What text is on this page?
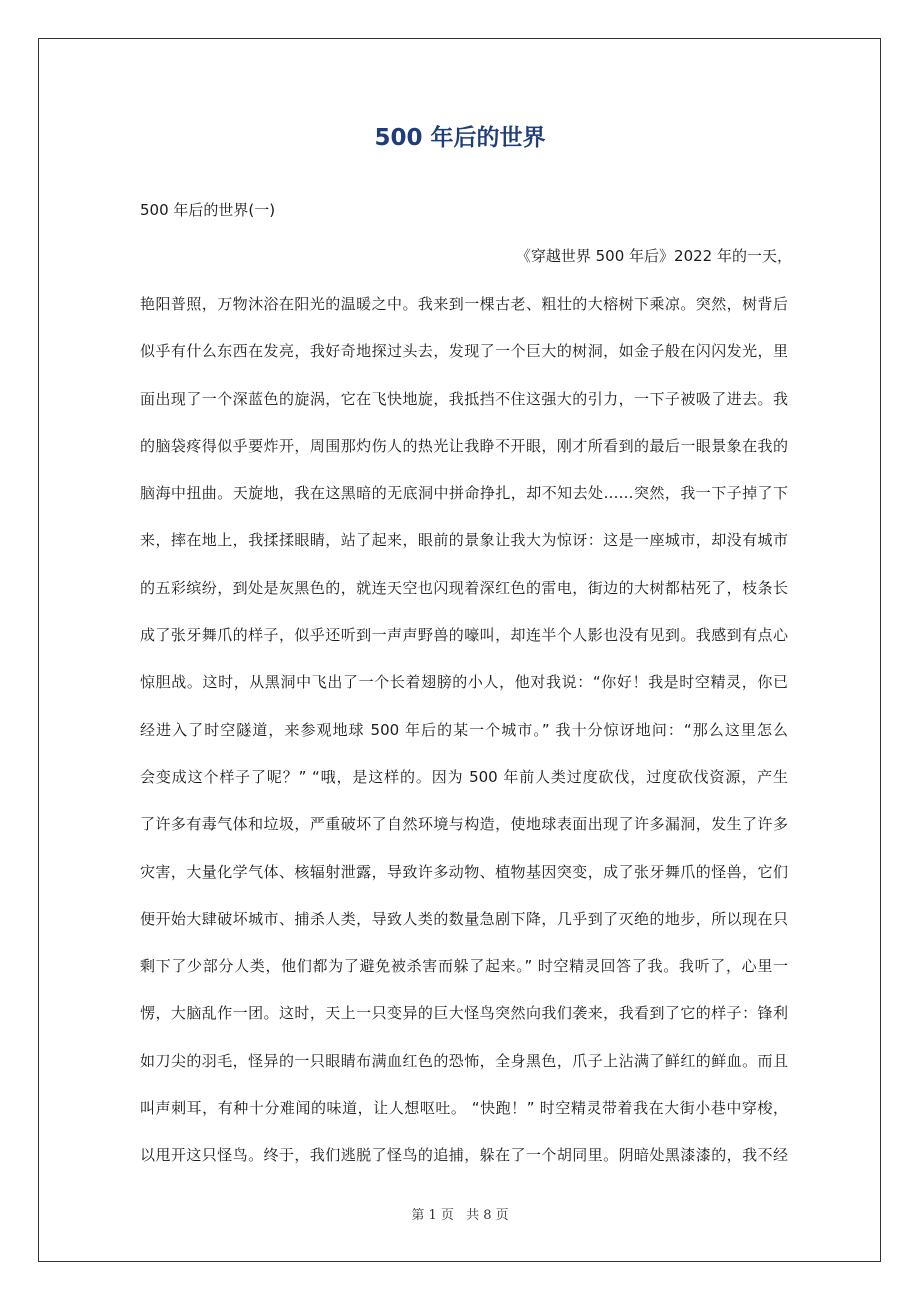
500 年后的世界

500 年后的世界(一)

《穿越世界 500 年后》2022 年的一天，

艳阳普照，万物沐浴在阳光的温暖之中。我来到一棵古老、粗壮的大榕树下乘凉。突然，树背后
似乎有什么东西在发亮，我好奇地探过头去，发现了一个巨大的树洞，如金子般在闪闪发光，里
面出现了一个深蓝色的旋涡，它在飞快地旋，我抵挡不住这强大的引力，一下子被吸了进去。我
的脑袋疼得似乎要炸开，周围那灼伤人的热光让我睁不开眼，刚才所看到的最后一眼景象在我的
脑海中扭曲。天旋地，我在这黑暗的无底洞中拼命挣扎，却不知去处……突然，我一下子掉了下
来，摔在地上，我揉揉眼睛，站了起来，眼前的景象让我大为惊讶：这是一座城市，却没有城市
的五彩缤纷，到处是灰黑色的，就连天空也闪现着深红色的雷电，街边的大树都枯死了，枝条长
成了张牙舞爪的样子，似乎还听到一声声野兽的嚎叫，却连半个人影也没有见到。我感到有点心
惊胆战。这时，从黑洞中飞出了一个长着翅膀的小人，他对我说：“你好！我是时空精灵，你已
经进入了时空隧道，来参观地球 500 年后的某一个城市。” 我十分惊讶地问：“那么这里怎么
会变成这个样子了呢？” “哦，是这样的。因为 500 年前人类过度砍伐，过度砍伐资源，产生
了许多有毒气体和垃圾，严重破坏了自然环境与构造，使地球表面出现了许多漏洞，发生了许多
灾害，大量化学气体、核辐射泄露，导致许多动物、植物基因突变，成了张牙舞爪的怪兽，它们
便开始大肆破坏城市、捕杀人类，导致人类的数量急剧下降，几乎到了灭绝的地步，所以现在只
剩下了少部分人类，他们都为了避免被杀害而躲了起来。” 时空精灵回答了我。我听了，心里一
愣，大脑乱作一团。这时，天上一只变异的巨大怪鸟突然向我们袭来，我看到了它的样子：锋利
如刀尖的羽毛，怪异的一只眼睛布满血红色的恐怖，全身黑色，爪子上沾满了鲜红的鲜血。而且
叫声刺耳，有种十分难闻的味道，让人想呕吐。 “快跑！” 时空精灵带着我在大街小巷中穿梭，
以甩开这只怪鸟。终于，我们逃脱了怪鸟的追捕，躲在了一个胡同里。阴暗处黑漆漆的，我不经
第 1 页 共 8 页
